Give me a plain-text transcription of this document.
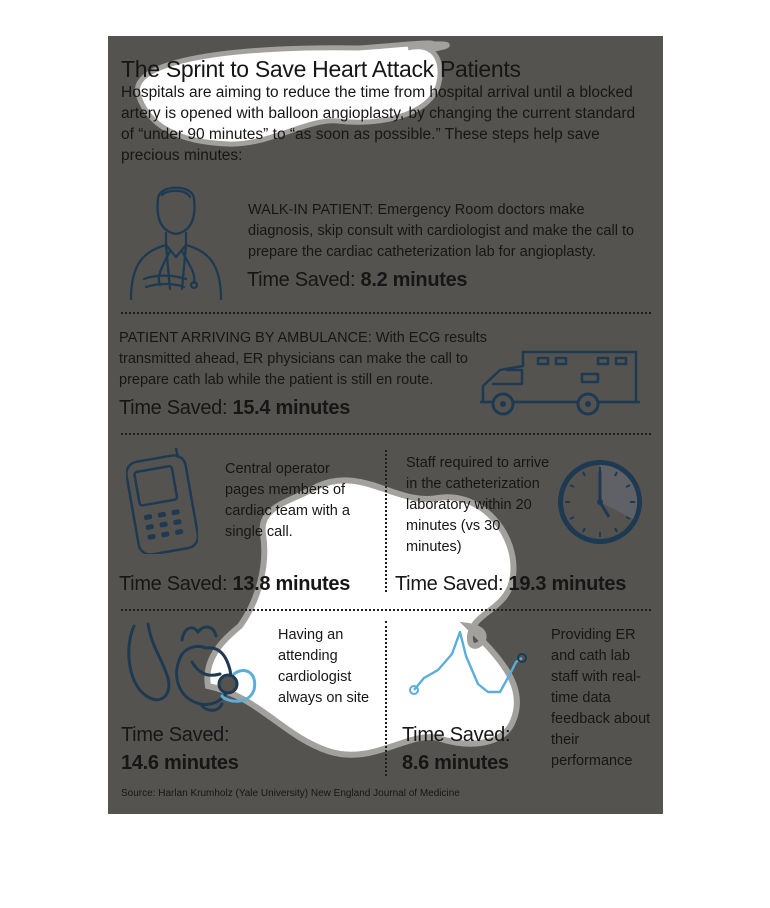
The Sprint to Save Heart Attack Patients
Hospitals are aiming to reduce the time from hospital arrival until a blocked artery is opened with balloon angioplasty, by changing the current standard of “under 90 minutes” to “as soon as possible.” These steps help save precious minutes:
WALK-IN PATIENT: Emergency Room doctors make diagnosis, skip consult with cardiologist and make the call to prepare the cardiac catheterization lab for angioplasty.
Time Saved: 8.2 minutes
PATIENT ARRIVING BY AMBULANCE: With ECG results transmitted ahead, ER physicians can make the call to prepare cath lab while the patient is still en route.
Time Saved: 15.4 minutes
Central operator pages members of cardiac team with a single call.
Time Saved: 13.8 minutes
Staff required to arrive in the catheterization laboratory within 20 minutes (vs 30 minutes)
Time Saved: 19.3 minutes
Having an attending cardiologist always on site
Time Saved:
14.6 minutes
Providing ER and cath lab staff with real-time data feedback about their performance
Time Saved:
8.6 minutes
Source: Harlan Krumholz (Yale University) New England Journal of Medicine
